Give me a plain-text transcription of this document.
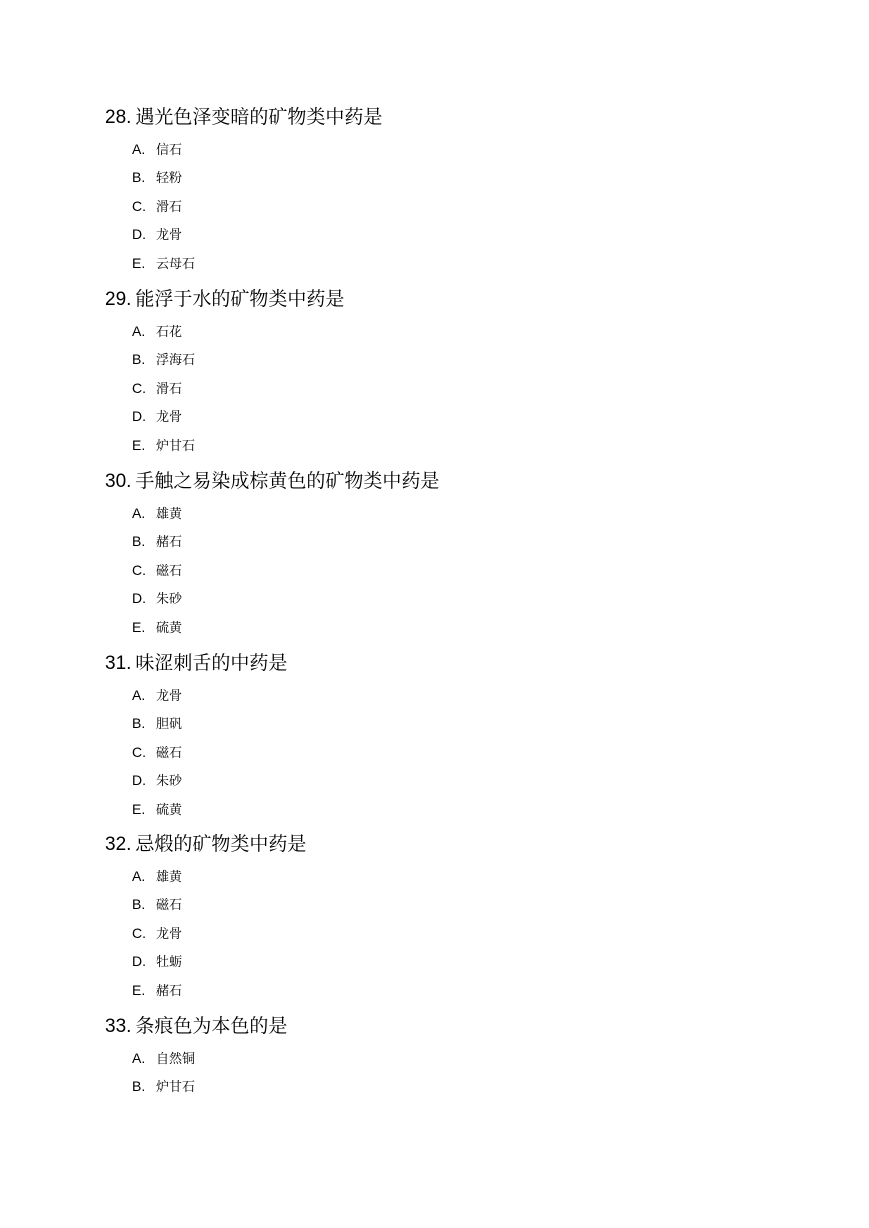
28. 遇光色泽变暗的矿物类中药是
A. 信石
B. 轻粉
C. 滑石
D. 龙骨
E. 云母石
29. 能浮于水的矿物类中药是
A. 石花
B. 浮海石
C. 滑石
D. 龙骨
E. 炉甘石
30. 手触之易染成棕黄色的矿物类中药是
A. 雄黄
B. 赭石
C. 磁石
D. 朱砂
E. 硫黄
31. 味涩刺舌的中药是
A. 龙骨
B. 胆矾
C. 磁石
D. 朱砂
E. 硫黄
32. 忌煅的矿物类中药是
A. 雄黄
B. 磁石
C. 龙骨
D. 牡蛎
E. 赭石
33. 条痕色为本色的是
A. 自然铜
B. 炉甘石
